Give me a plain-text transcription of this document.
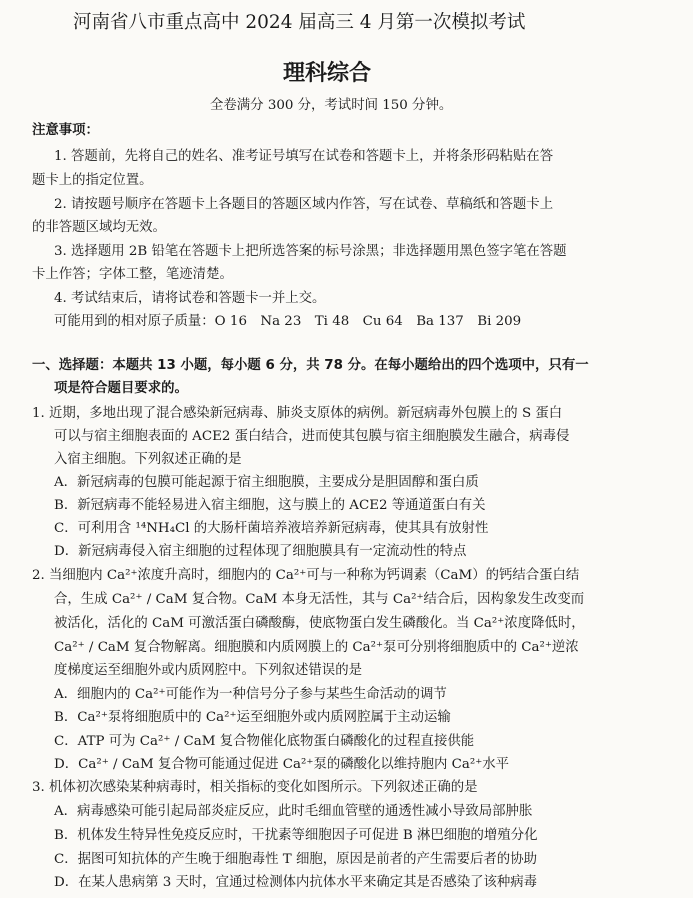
河南省八市重点高中 2024 届高三 4 月第一次模拟考试
理科综合
全卷满分 300 分，考试时间 150 分钟。
注意事项：
1. 答题前，先将自己的姓名、准考证号填写在试卷和答题卡上，并将条形码粘贴在答
题卡上的指定位置。
2. 请按题号顺序在答题卡上各题目的答题区域内作答，写在试卷、草稿纸和答题卡上
的非答题区域均无效。
3. 选择题用 2B 铅笔在答题卡上把所选答案的标号涂黑；非选择题用黑色签字笔在答题
卡上作答；字体工整，笔迹清楚。
4. 考试结束后，请将试卷和答题卡一并上交。
可能用到的相对原子质量：O 16　Na 23　Ti 48　Cu 64　Ba 137　Bi 209
一、选择题：本题共 13 小题，每小题 6 分，共 78 分。在每小题给出的四个选项中，只有一
项是符合题目要求的。
1. 近期，多地出现了混合感染新冠病毒、肺炎支原体的病例。新冠病毒外包膜上的 S 蛋白
可以与宿主细胞表面的 ACE2 蛋白结合，进而使其包膜与宿主细胞膜发生融合，病毒侵
入宿主细胞。下列叙述正确的是
A．新冠病毒的包膜可能起源于宿主细胞膜，主要成分是胆固醇和蛋白质
B．新冠病毒不能轻易进入宿主细胞，这与膜上的 ACE2 等通道蛋白有关
C．可利用含 ¹⁴NH₄Cl 的大肠杆菌培养液培养新冠病毒，使其具有放射性
D．新冠病毒侵入宿主细胞的过程体现了细胞膜具有一定流动性的特点
2. 当细胞内 Ca²⁺浓度升高时，细胞内的 Ca²⁺可与一种称为钙调素（CaM）的钙结合蛋白结
合，生成 Ca²⁺ / CaM 复合物。CaM 本身无活性，其与 Ca²⁺结合后，因构象发生改变而
被活化，活化的 CaM 可激活蛋白磷酸酶，使底物蛋白发生磷酸化。当 Ca²⁺浓度降低时，
Ca²⁺ / CaM 复合物解离。细胞膜和内质网膜上的 Ca²⁺泵可分别将细胞质中的 Ca²⁺逆浓
度梯度运至细胞外或内质网腔中。下列叙述错误的是
A．细胞内的 Ca²⁺可能作为一种信号分子参与某些生命活动的调节
B．Ca²⁺泵将细胞质中的 Ca²⁺运至细胞外或内质网腔属于主动运输
C．ATP 可为 Ca²⁺ / CaM 复合物催化底物蛋白磷酸化的过程直接供能
D．Ca²⁺ / CaM 复合物可能通过促进 Ca²⁺泵的磷酸化以维持胞内 Ca²⁺水平
3. 机体初次感染某种病毒时，相关指标的变化如图所示。下列叙述正确的是
A．病毒感染可能引起局部炎症反应，此时毛细血管壁的通透性减小导致局部肿胀
B．机体发生特异性免疫反应时，干扰素等细胞因子可促进 B 淋巴细胞的增殖分化
C．据图可知抗体的产生晚于细胞毒性 T 细胞，原因是前者的产生需要后者的协助
D．在某人患病第 3 天时，宜通过检测体内抗体水平来确定其是否感染了该种病毒
